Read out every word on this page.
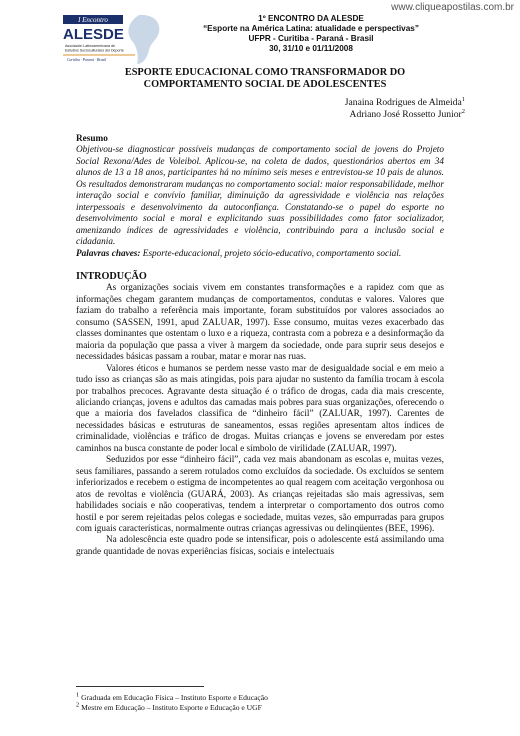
www.cliqueapostilas.com.br
I Encontro
ALESDE
Asociación Latinoamericana de
Estudios Socioculturales del Deporte
Curitiba · Paraná · Brasil
1º ENCONTRO DA ALESDE
“Esporte na América Latina: atualidade e perspectivas”
UFPR - Curitiba - Paraná - Brasil
30, 31/10 e 01/11/2008
ESPORTE EDUCACIONAL COMO TRANSFORMADOR DO
COMPORTAMENTO SOCIAL DE ADOLESCENTES
Janaina Rodrigues de Almeida$^1$
Adriano José Rossetto Junior$^2$
Resumo

Objetivou-se diagnosticar possíveis mudanças de comportamento social de jovens do Projeto Social Rexona/Ades de Voleibol. Aplicou-se, na coleta de dados, questionários abertos em 34 alunos de 13 a 18 anos, participantes há no mínimo seis meses e entrevistou-se 10 pais de alunos. Os resultados demonstraram mudanças no comportamento social: maior responsabilidade, melhor interação social e convívio familiar, diminuição da agressividade e violência nas relações interpessoais e desenvolvimento da autoconfiança. Constatando-se o papel do esporte no desenvolvimento social e moral e explicitando suas possibilidades como fator socializador, amenizando índices de agressividades e violência, contribuindo para a inclusão social e cidadania.

Palavras chaves: Esporte-educacional, projeto sócio-educativo, comportamento social.

INTRODUÇÃO

As organizações sociais vivem em constantes transformações e a rapidez com que as informações chegam garantem mudanças de comportamentos, condutas e valores. Valores que faziam do trabalho a referência mais importante, foram substituídos por valores associados ao consumo (SASSEN, 1991, apud ZALUAR, 1997). Esse consumo, muitas vezes exacerbado das classes dominantes que ostentam o luxo e a riqueza, contrasta com a pobreza e a desinformação da maioria da população que passa a viver à margem da sociedade, onde para suprir seus desejos e necessidades básicas passam a roubar, matar e morar nas ruas.

Valores éticos e humanos se perdem nesse vasto mar de desigualdade social e em meio a tudo isso as crianças são as mais atingidas, pois para ajudar no sustento da família trocam à escola por trabalhos precoces. Agravante desta situação é o tráfico de drogas, cada dia mais crescente, aliciando crianças, jovens e adultos das camadas mais pobres para suas organizações, oferecendo o que a maioria dos favelados classifica de “dinheiro fácil” (ZALUAR, 1997). Carentes de necessidades básicas e estruturas de saneamentos, essas regiões apresentam altos índices de criminalidade, violências e tráfico de drogas. Muitas crianças e jovens se enveredam por estes caminhos na busca constante de poder local e símbolo de virilidade (ZALUAR, 1997).

Seduzidos por esse “dinheiro fácil”, cada vez mais abandonam as escolas e, muitas vezes, seus familiares, passando a serem rotulados como excluídos da sociedade. Os excluídos se sentem inferiorizados e recebem o estigma de incompetentes ao qual reagem com aceitação vergonhosa ou atos de revoltas e violência (GUARÁ, 2003). As crianças rejeitadas são mais agressivas, sem habilidades sociais e não cooperativas, tendem a interpretar o comportamento dos outros como hostil e por serem rejeitadas pelos colegas e sociedade, muitas vezes, são empurradas para grupos com iguais características, normalmente outras crianças agressivas ou delinqüentes (BEE, 1996).

Na adolescência este quadro pode se intensificar, pois o adolescente está assimilando uma grande quantidade de novas experiências físicas, sociais e intelectuais

$^1$ Graduada em Educação Física – Instituto Esporte e Educação
$^2$ Mestre em Educação – Instituto Esporte e Educação e UGF
